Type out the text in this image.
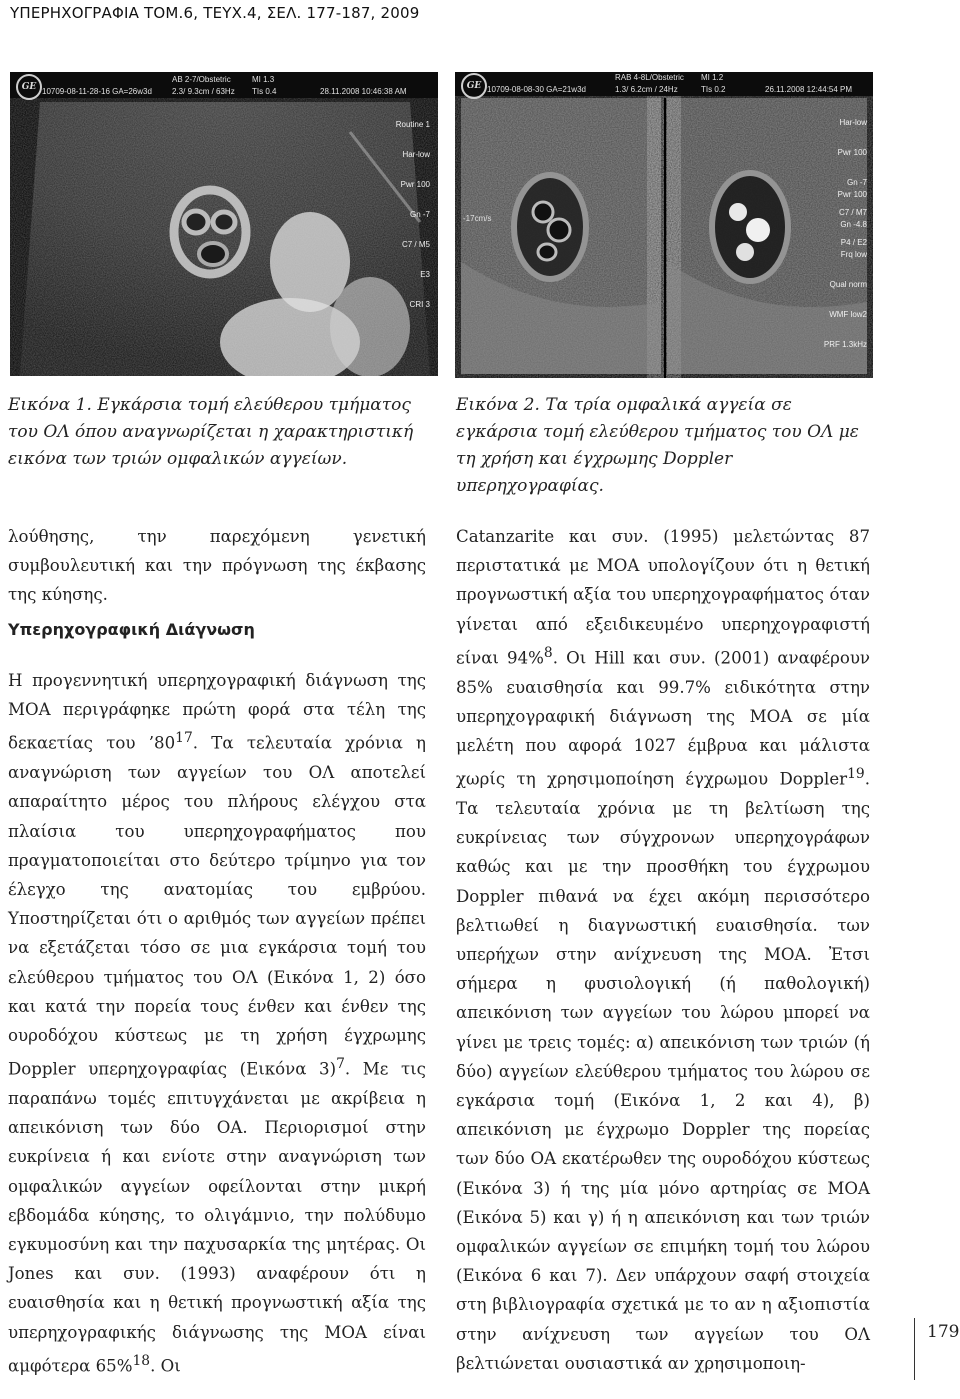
ΥΠΕΡΗΧΟΓΡΑΦΙΑ ΤΟΜ.6, ΤΕΥΧ.4, ΣΕΛ. 177-187, 2009
GE 10709-08-11-28-16 GA=26w3d
AB 2-7/Obstetric
2.3/ 9.3cm / 63Hz
MI 1.3
TIs 0.4	28.11.2008 10:46:38 AM

Routine 1

Har-low

Pwr 100

Gn -7

C7 / M5

E3

CRI 3

GE 10709-08-08-30 GA=21w3d
RAB 4-8L/Obstetric
1.3/ 6.2cm / 24Hz
MI 1.2
TIs 0.2	26.11.2008 12:44:54 PM
-17cm/s

Har-low

Pwr 100

Gn -7

C7 / M7

P4 / E2

Pwr 100

Gn -4.8

Frq low

Qual norm

WMF low2

PRF 1.3kHz

Εικόνα 1. Εγκάρσια τομή ελεύθερου τμήματος του ΟΛ όπου αναγνωρίζεται η χαρακτηριστική εικόνα των τριών ομφαλικών αγγείων.
Εικόνα 2. Τα τρία ομφαλικά αγγεία σε εγκάρσια τομή ελεύθερου τμήματος του ΟΛ με τη χρήση και έγχρωμης Doppler υπερηχογραφίας.

λούθησης, την παρεχόμενη γενετική συμβουλευτική και την πρόγνωση της έκβασης της κύησης.

Υπερηχογραφική Διάγνωση

Η προγεννητική υπερηχογραφική διάγνωση της ΜΟΑ περιγράφηκε πρώτη φορά στα τέλη της δεκαετίας του $’80^{17}$. Τα τελευταία χρόνια η αναγνώριση των αγγείων του ΟΛ αποτελεί απαραίτητο μέρος του πλήρους ελέγχου στα πλαίσια του υπερηχογραφήματος που πραγματοποιείται στο δεύτερο τρίμηνο για τον έλεγχο της ανατομίας του εμβρύου. Υποστηρίζεται ότι ο αριθμός των αγγείων πρέπει να εξετάζεται τόσο σε μια εγκάρσια τομή του ελεύθερου τμήματος του ΟΛ (Εικόνα 1, 2) όσο και κατά την πορεία τους ένθεν και ένθεν της ουροδόχου κύστεως με τη χρήση έγχρωμης Doppler υπερηχογραφίας (Εικόνα 3)$^7$. Με τις παραπάνω τομές επιτυγχάνεται με ακρίβεια η απεικόνιση των δύο ΟΑ. Περιορισμοί στην ευκρίνεια ή και ενίοτε στην αναγνώριση των ομφαλικών αγγείων οφείλονται στην μικρή εβδομάδα κύησης, το ολιγάμνιο, την πολύδυμο εγκυμοσύνη και την παχυσαρκία της μητέρας. Οι Jones και συν. (1993) αναφέρουν ότι η ευαισθησία και η θετική προγνωστική αξία της υπερηχογραφικής διάγνωσης της ΜΟΑ είναι αμφότερα 65%$^{18}$. Οι

Catanzarite και συν. (1995) μελετώντας 87 περιστατικά με ΜΟΑ υπολογίζουν ότι η θετική προγνωστική αξία του υπερηχογραφήματος όταν γίνεται από εξειδικευμένο υπερηχογραφιστή είναι 94%$^8$. Οι Hill και συν. (2001) αναφέρουν 85% ευαισθησία και 99.7% ειδικότητα στην υπερηχογραφική διάγνωση της ΜΟΑ σε μία μελέτη που αφορά 1027 έμβρυα και μάλιστα χωρίς τη χρησιμοποίηση έγχρωμου Doppler$^{19}$. Τα τελευταία χρόνια με τη βελτίωση της ευκρίνειας των σύγχρονων υπερηχογράφων καθώς και με την προσθήκη του έγχρωμου Doppler πιθανά να έχει ακόμη περισσότερο βελτιωθεί η διαγνωστική ευαισθησία. των υπερήχων στην ανίχνευση της ΜΟΑ. Ἐτσι σήμερα η φυσιολογική (ή παθολογική) απεικόνιση των αγγείων του λώρου μπορεί να γίνει με τρεις τομές: α) απεικόνιση των τριών (ή δύο) αγγείων ελεύθερου τμήματος του λώρου σε εγκάρσια τομή (Εικόνα 1, 2 και 4), β) απεικόνιση με έγχρωμο Doppler της πορείας των δύο ΟΑ εκατέρωθεν της ουροδόχου κύστεως (Εικόνα 3) ή της μία μόνο αρτηρίας σε ΜΟΑ (Εικόνα 5) και γ) ή η απεικόνιση και των τριών ομφαλικών αγγείων σε επιμήκη τομή του λώρου (Εικόνα 6 και 7). Δεν υπάρχουν σαφή στοιχεία στη βιβλιογραφία σχετικά με το αν η αξιοπιστία στην ανίχνευση των αγγείων του ΟΛ βελτιώνεται ουσιαστικά αν χρησιμοποιη-

179
